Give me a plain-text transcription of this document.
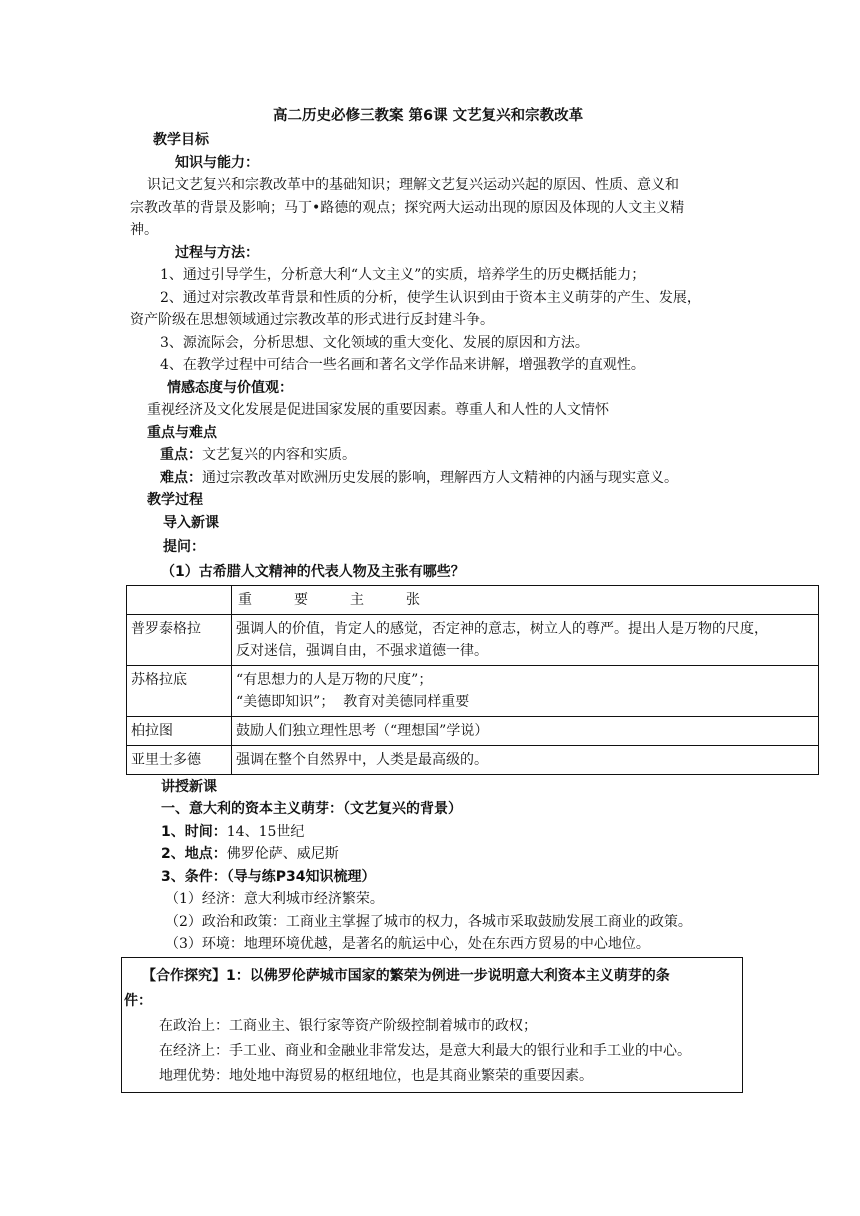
高二历史必修三教案 第6课 文艺复兴和宗教改革
教学目标
知识与能力：
识记文艺复兴和宗教改革中的基础知识；理解文艺复兴运动兴起的原因、性质、意义和
宗教改革的背景及影响；马丁•路德的观点；探究两大运动出现的原因及体现的人文主义精
神。
过程与方法：
1、通过引导学生，分析意大利“人文主义”的实质，培养学生的历史概括能力；
2、通过对宗教改革背景和性质的分析，使学生认识到由于资本主义萌芽的产生、发展，
资产阶级在思想领域通过宗教改革的形式进行反封建斗争。
3、源流际会，分析思想、文化领域的重大变化、发展的原因和方法。
4、在教学过程中可结合一些名画和著名文学作品来讲解，增强教学的直观性。
情感态度与价值观：
重视经济及文化发展是促进国家发展的重要因素。尊重人和人性的人文情怀
重点与难点
重点：文艺复兴的内容和实质。
难点：通过宗教改革对欧洲历史发展的影响，理解西方人文精神的内涵与现实意义。
教学过程
导入新课
提问：
（1）古希腊人文精神的代表人物及主张有哪些？
	重 要 主 张
普罗泰格拉	强调人的价值，肯定人的感觉，否定神的意志，树立人的尊严。提出人是万物的尺度，
反对迷信，强调自由，不强求道德一律。

苏格拉底	“有思想力的人是万物的尺度”；
“美德即知识”；  教育对美德同样重要

柏拉图	鼓励人们独立理性思考（“理想国”学说）

亚里士多德	强调在整个自然界中，人类是最高级的。
讲授新课
一、意大利的资本主义萌芽：（文艺复兴的背景）
1、时间：14、15世纪
2、地点：佛罗伦萨、威尼斯
3、条件：（导与练P34知识梳理）
（1）经济：意大利城市经济繁荣。
（2）政治和政策：工商业主掌握了城市的权力，各城市采取鼓励发展工商业的政策。
（3）环境：地理环境优越，是著名的航运中心，处在东西方贸易的中心地位。
【合作探究】1：以佛罗伦萨城市国家的繁荣为例进一步说明意大利资本主义萌芽的条
件：
在政治上：工商业主、银行家等资产阶级控制着城市的政权；
在经济上：手工业、商业和金融业非常发达，是意大利最大的银行业和手工业的中心。
地理优势：地处地中海贸易的枢纽地位，也是其商业繁荣的重要因素。
